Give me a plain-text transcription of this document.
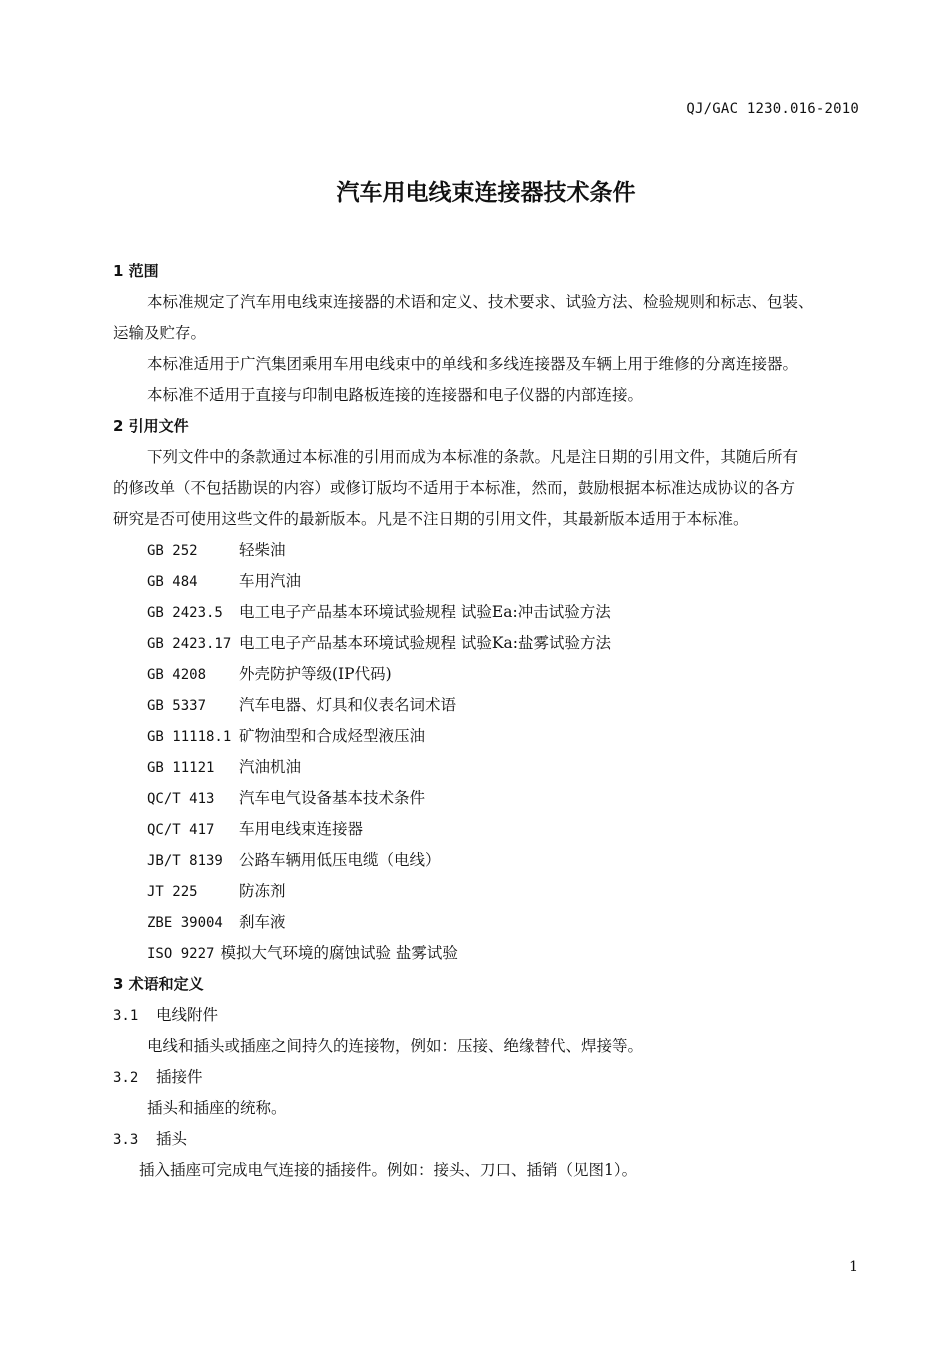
QJ/GAC 1230.016-2010
汽车用电线束连接器技术条件
1 范围
本标准规定了汽车用电线束连接器的术语和定义、技术要求、试验方法、检验规则和标志、包装、
运输及贮存。
本标准适用于广汽集团乘用车用电线束中的单线和多线连接器及车辆上用于维修的分离连接器。
本标准不适用于直接与印制电路板连接的连接器和电子仪器的内部连接。
2 引用文件
下列文件中的条款通过本标准的引用而成为本标准的条款。凡是注日期的引用文件，其随后所有
的修改单（不包括勘误的内容）或修订版均不适用于本标准，然而，鼓励根据本标准达成协议的各方
研究是否可使用这些文件的最新版本。凡是不注日期的引用文件，其最新版本适用于本标准。
GB 252	轻柴油
GB 484	车用汽油
GB 2423.5 电工电子产品基本环境试验规程 试验Ea:冲击试验方法
GB 2423.17 电工电子产品基本环境试验规程 试验Ka:盐雾试验方法
GB 4208 外壳防护等级(IP代码)
GB 5337 汽车电器、灯具和仪表名词术语
GB 11118.1 矿物油型和合成烃型液压油
GB 11121 汽油机油
QC/T 413 汽车电气设备基本技术条件
QC/T 417 车用电线束连接器
JB/T 8139 公路车辆用低压电缆（电线）
JT 225	防冻剂
ZBE 39004 刹车液
ISO 9227 模拟大气环境的腐蚀试验 盐雾试验
3 术语和定义
3.1 电线附件
电线和插头或插座之间持久的连接物，例如：压接、绝缘替代、焊接等。
3.2 插接件
插头和插座的统称。
3.3 插头
插入插座可完成电气连接的插接件。例如：接头、刀口、插销（见图1）。
1
